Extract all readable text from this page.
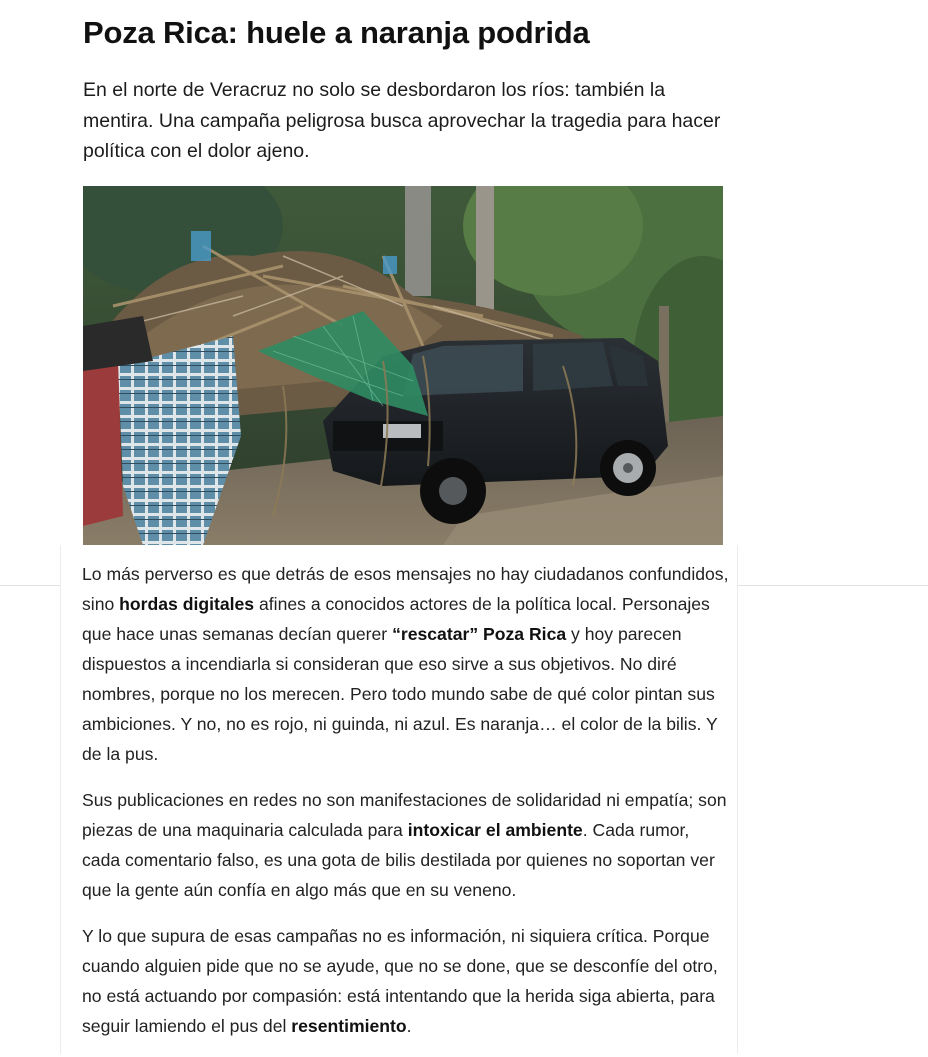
Poza Rica: huele a naranja podrida

En el norte de Veracruz no solo se desbordaron los ríos: también la mentira. Una campaña peligrosa busca aprovechar la tragedia para hacer política con el dolor ajeno.

Lo más perverso es que detrás de esos mensajes no hay ciudadanos confundidos, sino hordas digitales afines a conocidos actores de la política local. Personajes que hace unas semanas decían querer “rescatar” Poza Rica y hoy parecen dispuestos a incendiarla si consideran que eso sirve a sus objetivos. No diré nombres, porque no los merecen. Pero todo mundo sabe de qué color pintan sus ambiciones. Y no, no es rojo, ni guinda, ni azul. Es naranja… el color de la bilis. Y de la pus.

Sus publicaciones en redes no son manifestaciones de solidaridad ni empatía; son piezas de una maquinaria calculada para intoxicar el ambiente. Cada rumor, cada comentario falso, es una gota de bilis destilada por quienes no soportan ver que la gente aún confía en algo más que en su veneno.

Y lo que supura de esas campañas no es información, ni siquiera crítica. Porque cuando alguien pide que no se ayude, que no se done, que se desconfíe del otro, no está actuando por compasión: está intentando que la herida siga abierta, para seguir lamiendo el pus del resentimiento.
